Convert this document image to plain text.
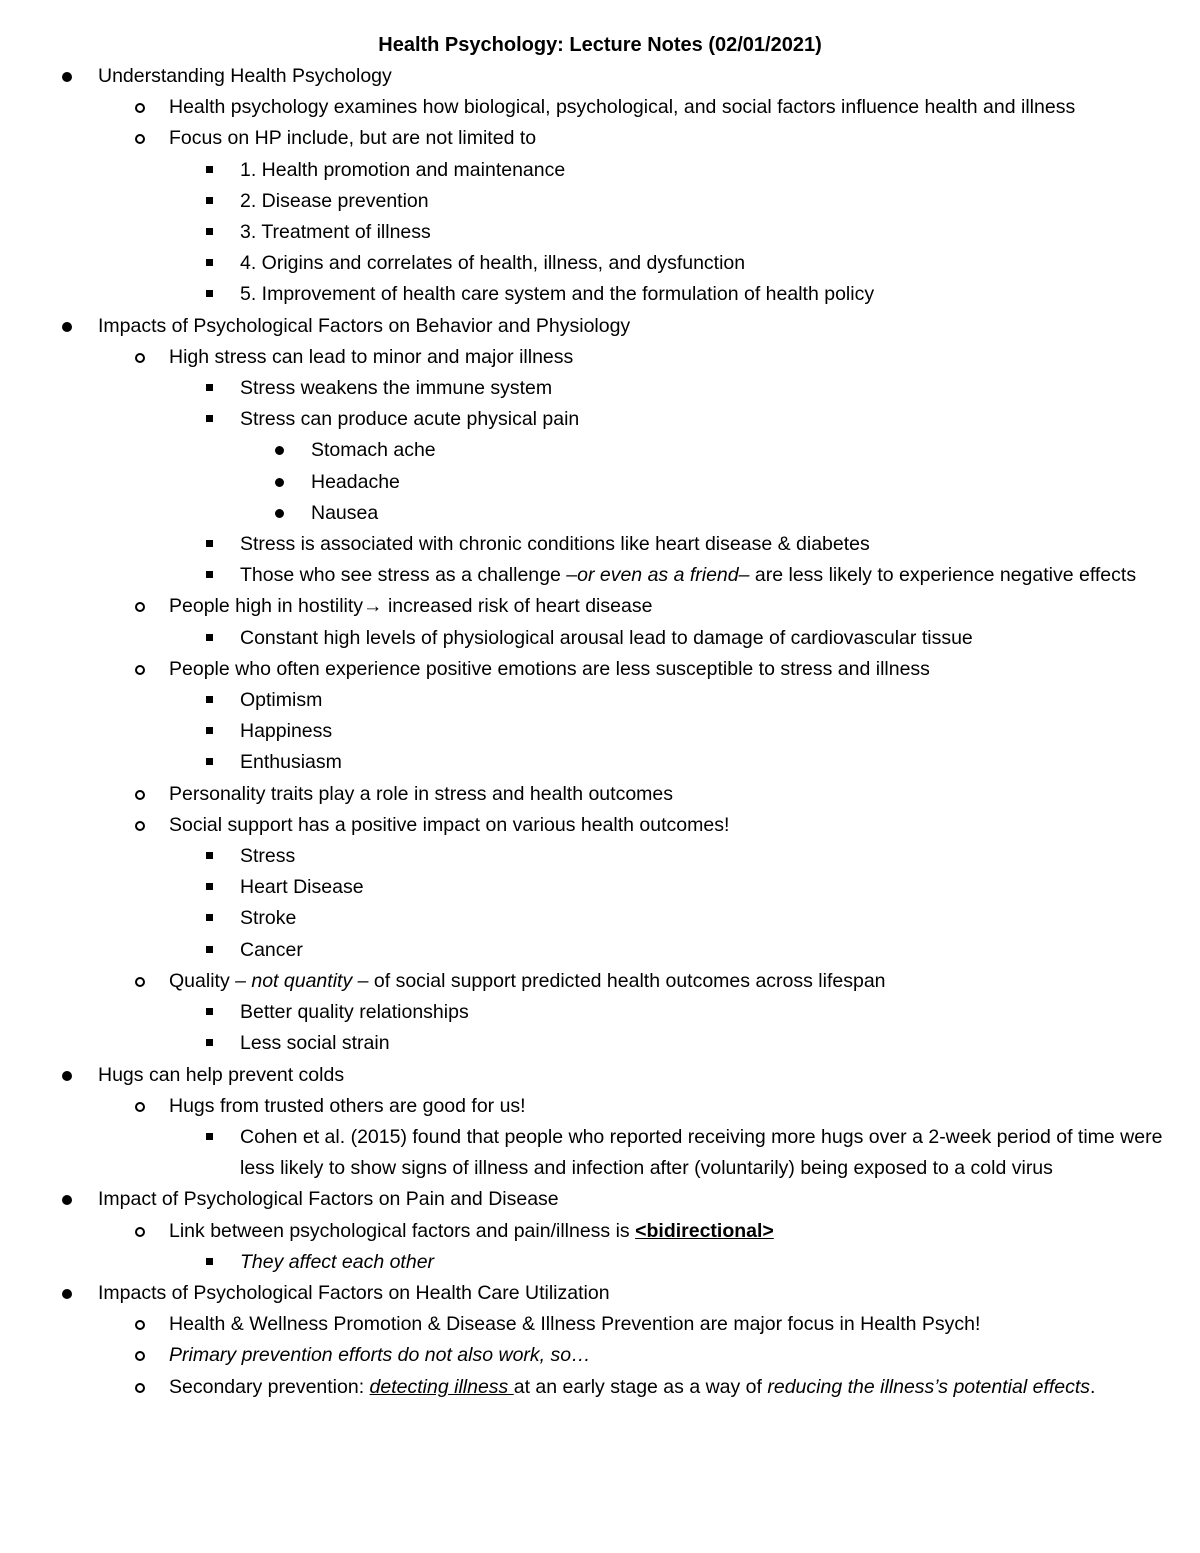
Health Psychology: Lecture Notes (02/01/2021)
Understanding Health Psychology
Health psychology examines how biological, psychological, and social factors influence health and illness
Focus on HP include, but are not limited to
1. Health promotion and maintenance
2. Disease prevention
3. Treatment of illness
4. Origins and correlates of health, illness, and dysfunction
5. Improvement of health care system and the formulation of health policy
Impacts of Psychological Factors on Behavior and Physiology
High stress can lead to minor and major illness
Stress weakens the immune system
Stress can produce acute physical pain
Stomach ache
Headache
Nausea
Stress is associated with chronic conditions like heart disease & diabetes
Those who see stress as a challenge –or even as a friend– are less likely to experience negative effects
People high in hostility→ increased risk of heart disease
Constant high levels of physiological arousal lead to damage of cardiovascular tissue
People who often experience positive emotions are less susceptible to stress and illness
Optimism
Happiness
Enthusiasm
Personality traits play a role in stress and health outcomes
Social support has a positive impact on various health outcomes!
Stress
Heart Disease
Stroke
Cancer
Quality – not quantity – of social support predicted health outcomes across lifespan
Better quality relationships
Less social strain
Hugs can help prevent colds
Hugs from trusted others are good for us!
Cohen et al. (2015) found that people who reported receiving more hugs over a 2-week period of time were less likely to show signs of illness and infection after (voluntarily) being exposed to a cold virus
Impact of Psychological Factors on Pain and Disease
Link between psychological factors and pain/illness is <bidirectional>
They affect each other
Impacts of Psychological Factors on Health Care Utilization
Health & Wellness Promotion & Disease & Illness Prevention are major focus in Health Psych!
Primary prevention efforts do not also work, so…
Secondary prevention: detecting illness at an early stage as a way of reducing the illness’s potential effects.
